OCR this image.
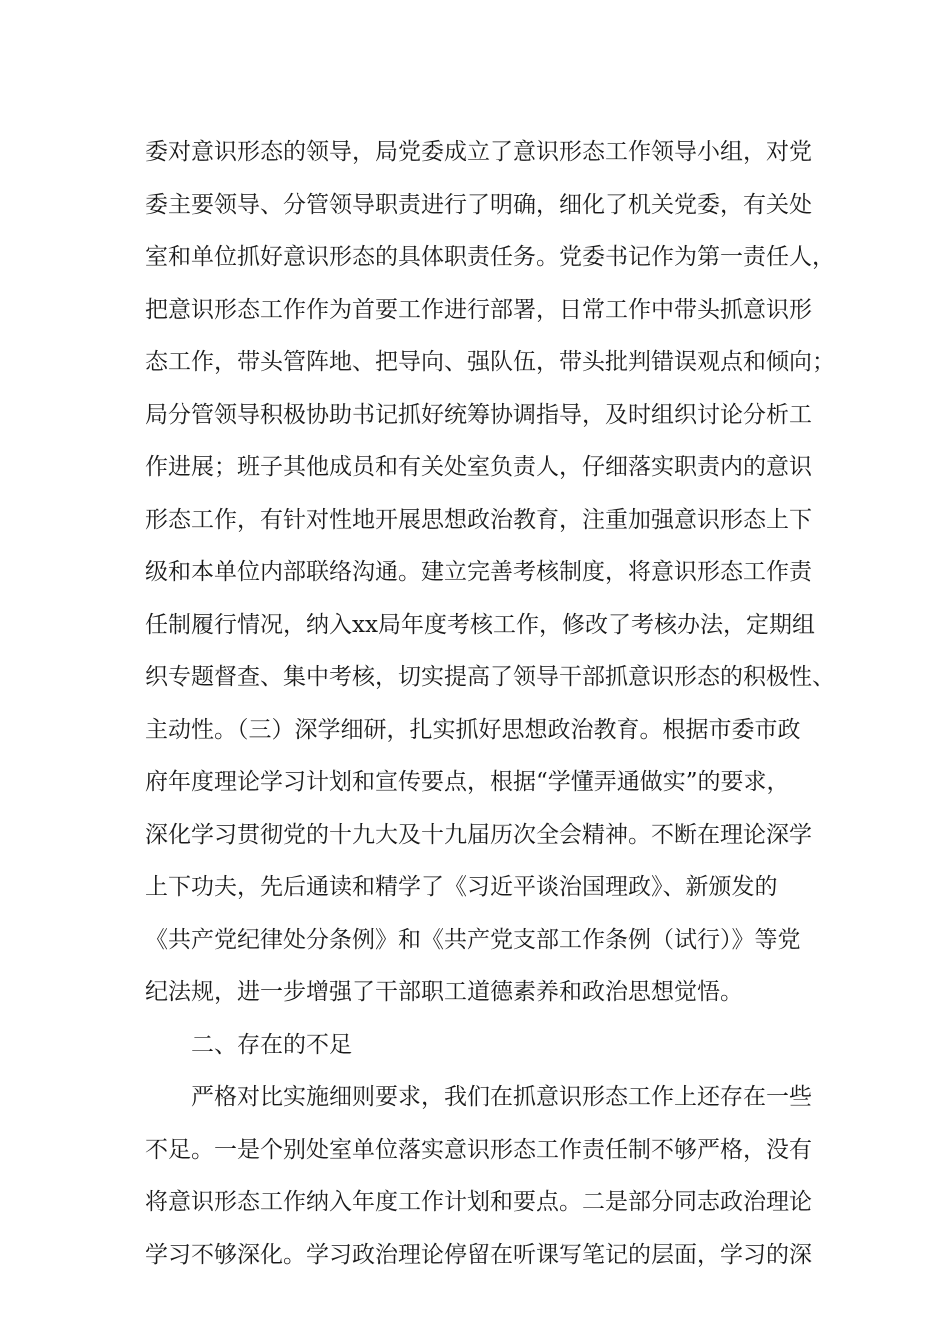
委对意识形态的领导，局党委成立了意识形态工作领导小组，对党
委主要领导、分管领导职责进行了明确，细化了机关党委，有关处
室和单位抓好意识形态的具体职责任务。党委书记作为第一责任人，
把意识形态工作作为首要工作进行部署，日常工作中带头抓意识形
态工作，带头管阵地、把导向、强队伍，带头批判错误观点和倾向；
局分管领导积极协助书记抓好统筹协调指导，及时组织讨论分析工
作进展；班子其他成员和有关处室负责人，仔细落实职责内的意识
形态工作，有针对性地开展思想政治教育，注重加强意识形态上下
级和本单位内部联络沟通。建立完善考核制度，将意识形态工作责
任制履行情况，纳入xx局年度考核工作，修改了考核办法，定期组
织专题督查、集中考核，切实提高了领导干部抓意识形态的积极性、
主动性。（三）深学细研，扎实抓好思想政治教育。根据市委市政
府年度理论学习计划和宣传要点，根据“学懂弄通做实”的要求，
深化学习贯彻党的十九大及十九届历次全会精神。不断在理论深学
上下功夫，先后通读和精学了《习近平谈治国理政》、新颁发的
《共产党纪律处分条例》和《共产党支部工作条例（试行）》等党
纪法规，进一步增强了干部职工道德素养和政治思想觉悟。
二、存在的不足
严格对比实施细则要求，我们在抓意识形态工作上还存在一些
不足。一是个别处室单位落实意识形态工作责任制不够严格，没有
将意识形态工作纳入年度工作计划和要点。二是部分同志政治理论
学习不够深化。学习政治理论停留在听课写笔记的层面，学习的深
